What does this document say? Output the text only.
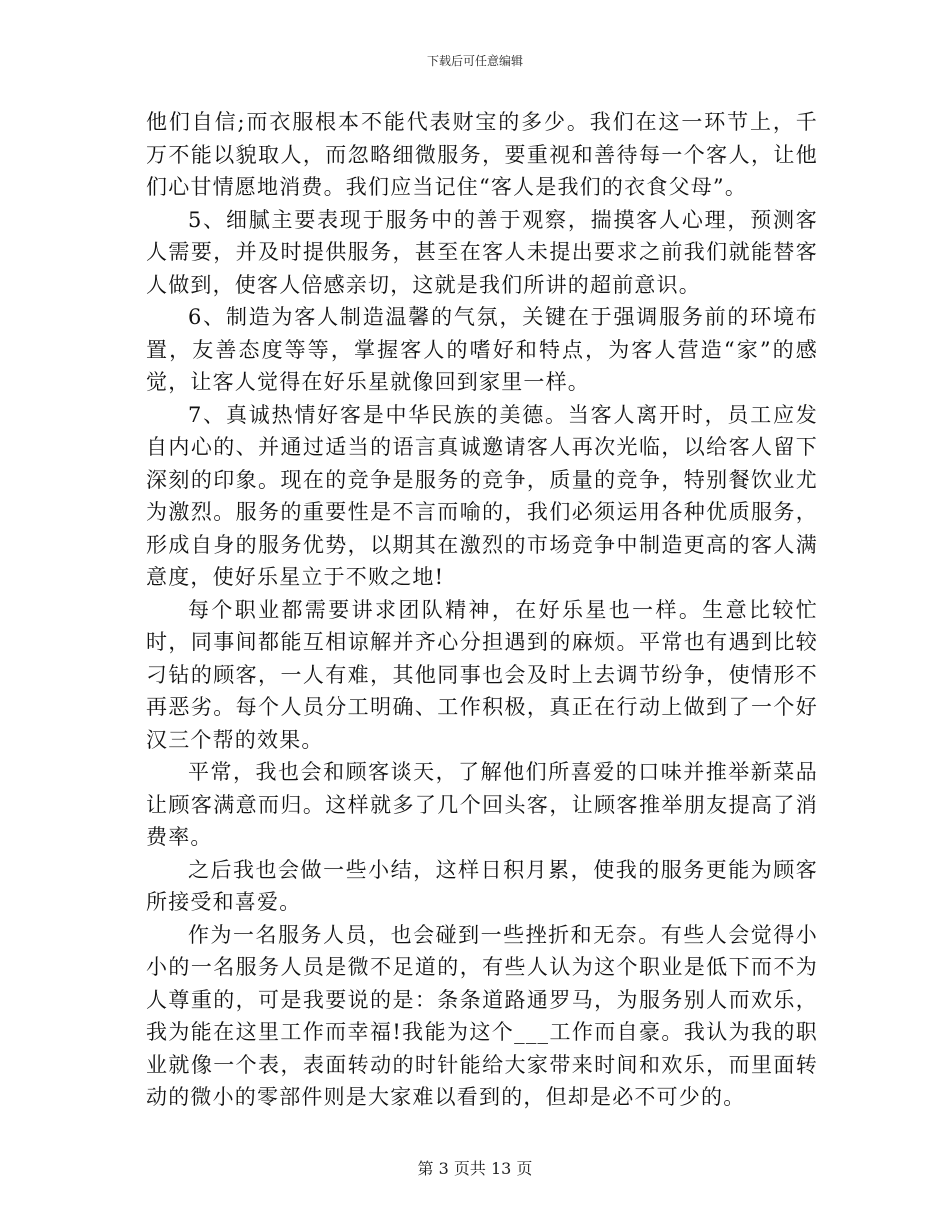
下载后可任意编辑

他们自信;而衣服根本不能代表财宝的多少。我们在这一环节上，千万不能以貌取人，而忽略细微服务，要重视和善待每一个客人，让他们心甘情愿地消费。我们应当记住“客人是我们的衣食父母”。

5、细腻主要表现于服务中的善于观察，揣摸客人心理，预测客人需要，并及时提供服务，甚至在客人未提出要求之前我们就能替客人做到，使客人倍感亲切，这就是我们所讲的超前意识。

6、制造为客人制造温馨的气氛，关键在于强调服务前的环境布置，友善态度等等，掌握客人的嗜好和特点，为客人营造“家”的感觉，让客人觉得在好乐星就像回到家里一样。

7、真诚热情好客是中华民族的美德。当客人离开时，员工应发自内心的、并通过适当的语言真诚邀请客人再次光临，以给客人留下深刻的印象。现在的竞争是服务的竞争，质量的竞争，特别餐饮业尤为激烈。服务的重要性是不言而喻的，我们必须运用各种优质服务，形成自身的服务优势，以期其在激烈的市场竞争中制造更高的客人满意度，使好乐星立于不败之地!

每个职业都需要讲求团队精神，在好乐星也一样。生意比较忙时，同事间都能互相谅解并齐心分担遇到的麻烦。平常也有遇到比较刁钻的顾客，一人有难，其他同事也会及时上去调节纷争，使情形不再恶劣。每个人员分工明确、工作积极，真正在行动上做到了一个好汉三个帮的效果。

平常，我也会和顾客谈天，了解他们所喜爱的口味并推举新菜品让顾客满意而归。这样就多了几个回头客，让顾客推举朋友提高了消费率。

之后我也会做一些小结，这样日积月累，使我的服务更能为顾客所接受和喜爱。

作为一名服务人员，也会碰到一些挫折和无奈。有些人会觉得小小的一名服务人员是微不足道的，有些人认为这个职业是低下而不为人尊重的，可是我要说的是：条条道路通罗马，为服务别人而欢乐，我为能在这里工作而幸福!我能为这个___工作而自豪。我认为我的职业就像一个表，表面转动的时针能给大家带来时间和欢乐，而里面转动的微小的零部件则是大家难以看到的，但却是必不可少的。

第 3 页共 13 页
